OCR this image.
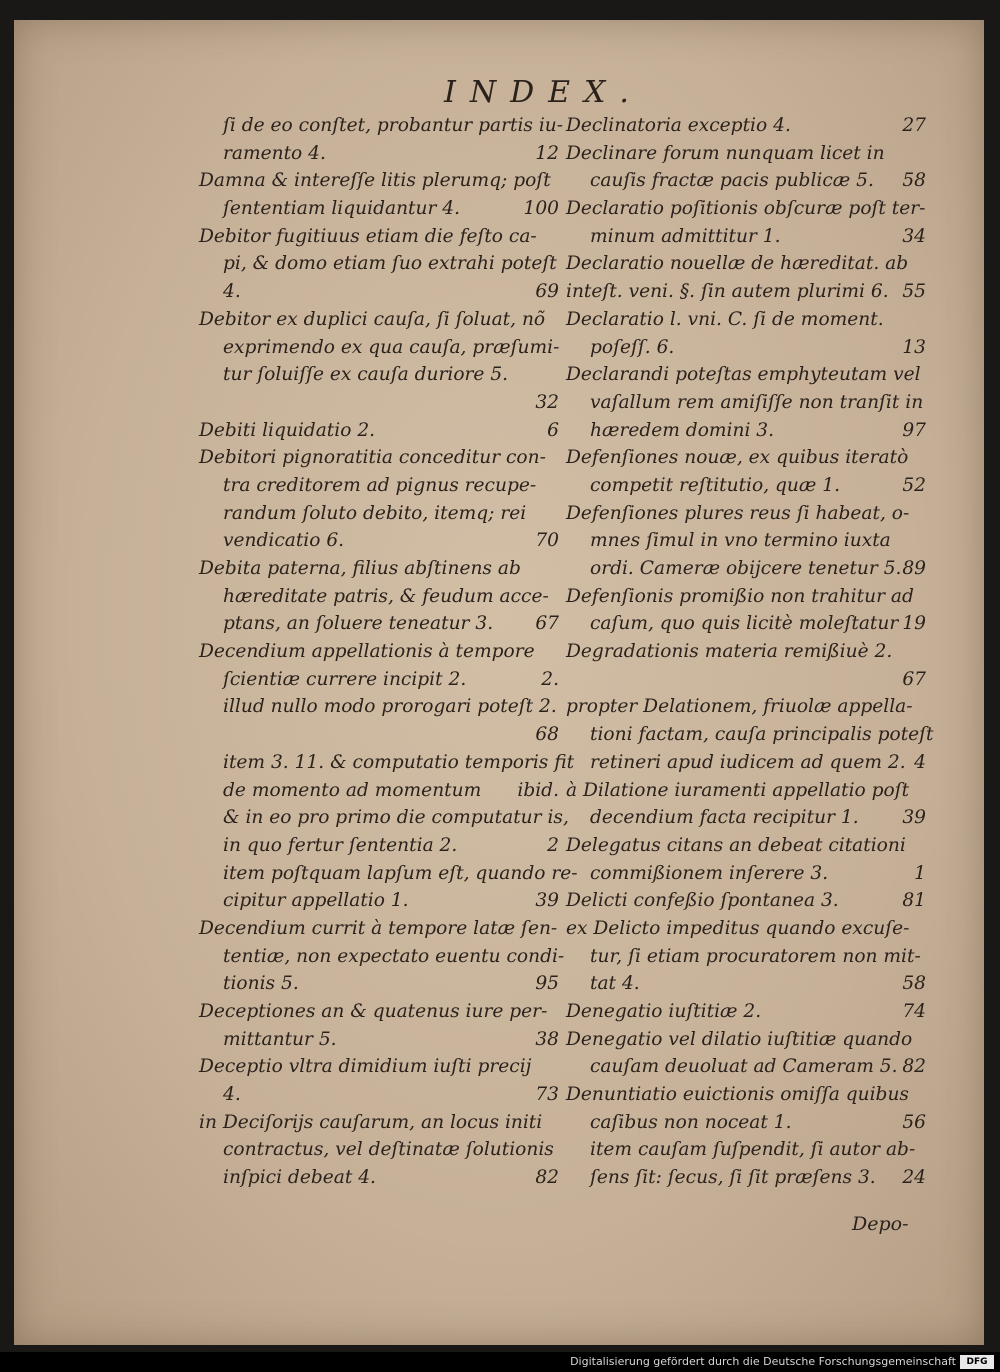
INDEX.
ſi de eo conſtet, probantur partis iu-
ramento 4.	12
Damna & intereſſe litis plerumq; poſt
ſententiam liquidantur 4.	100
Debitor fugitiuus etiam die feſto ca-
pi, & domo etiam ſuo extrahi poteſt
4.	69
Debitor ex duplici cauſa, ſi ſoluat, nõ
exprimendo ex qua cauſa, præſumi-
tur ſoluiſſe ex cauſa duriore 5.
32
Debiti liquidatio 2.	6
Debitori pignoratitia conceditur con-
tra creditorem ad pignus recupe-
randum ſoluto debito, itemq; rei
vendicatio 6.	70
Debita paterna, filius abſtinens ab
hæreditate patris, & feudum acce-
ptans, an ſoluere teneatur 3. 67
Decendium appellationis à tempore
ſcientiæ currere incipit 2.	2.
illud nullo modo prorogari poteſt 2.
68
item 3. 11. & computatio temporis fit
de momento ad momentum ibid.
& in eo pro primo die computatur is,
in quo fertur ſententia 2.	2
item poſtquam lapſum eſt, quando re-
cipitur appellatio 1.	39
Decendium currit à tempore latæ ſen-
tentiæ, non expectato euentu condi-
tionis 5.	95
Deceptiones an & quatenus iure per-
mittantur 5.	38
Deceptio vltra dimidium iuſti precij
4.	73
in Deciſorijs cauſarum, an locus initi
contractus, vel deſtinatæ ſolutionis
inſpici debeat 4.	82
Declinatoria exceptio 4.	27
Declinare forum nunquam licet in
cauſis fractæ pacis publicæ 5. 58
Declaratio poſitionis obſcuræ poſt ter-
minum admittitur 1.	34
Declaratio nouellæ de hæreditat. ab
inteſt. veni. §. ſin autem plurimi 6. 55
Declaratio l. vni. C. ſi de moment.
poſeſſ. 6.	13
Declarandi poteſtas emphyteutam vel
vaſallum rem amiſiſſe non tranſit in
hæredem domini 3.	97
Defenſiones nouæ, ex quibus iteratò
competit reſtitutio, quæ 1.	52
Defenſiones plures reus ſi habeat, o-
mnes ſimul in vno termino iuxta
ordi. Cameræ obijcere tenetur 5. 89
Defenſionis promißio non trahitur ad
caſum, quo quis licitè moleſtatur 19
Degradationis materia remißiuè 2.
67
propter Delationem, friuolæ appella-
tioni factam, cauſa principalis poteſt
retineri apud iudicem ad quem 2. 4
à Dilatione iuramenti appellatio poſt
decendium facta recipitur 1. 39
Delegatus citans an debeat citationi
commißionem inſerere 3.	1
Delicti confeßio ſpontanea 3.	81
ex Delicto impeditus quando excuſe-
tur, ſi etiam procuratorem non mit-
tat 4.	58
Denegatio iuſtitiæ 2.	74
Denegatio vel dilatio iuſtitiæ quando
cauſam deuoluat ad Cameram 5. 82
Denuntiatio euictionis omiſſa quibus
caſibus non noceat 1.	56
item cauſam ſuſpendit, ſi autor ab-
ſens ſit: ſecus, ſi ſit præſens 3. 24
Depo-
Digitalisierung gefördert durch die Deutsche Forschungsgemeinschaft	DFG
